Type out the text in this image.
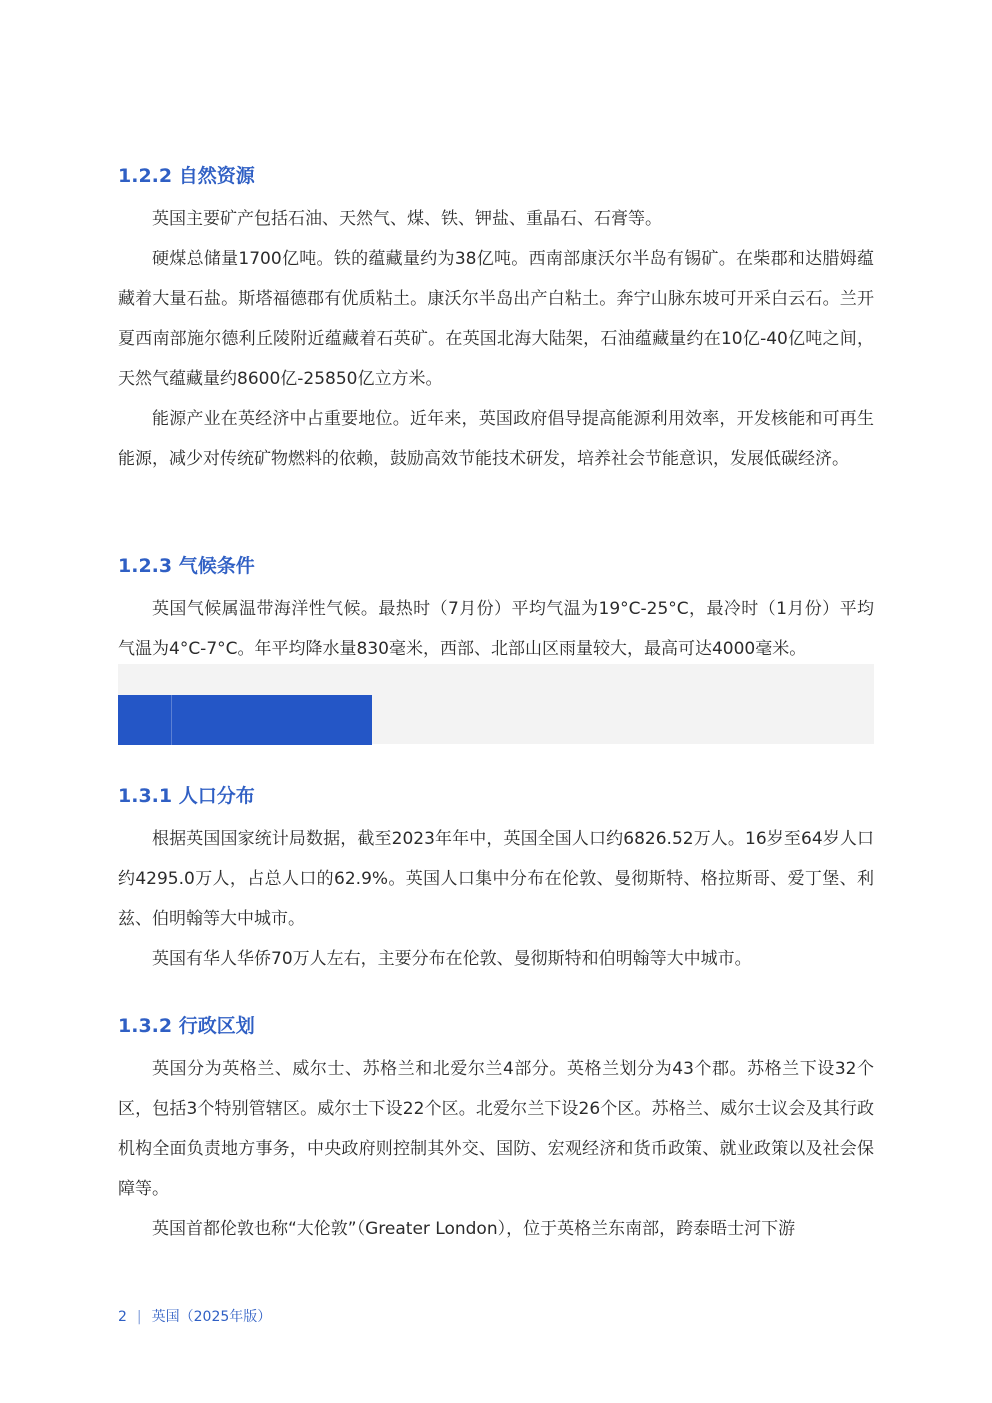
1.2.2 自然资源

英国主要矿产包括石油、天然气、煤、铁、钾盐、重晶石、石膏等。

硬煤总储量1700亿吨。铁的蕴藏量约为38亿吨。西南部康沃尔半岛有锡矿。在柴郡和达腊姆蕴藏着大量石盐。斯塔福德郡有优质粘土。康沃尔半岛出产白粘土。奔宁山脉东坡可开采白云石。兰开夏西南部施尔德利丘陵附近蕴藏着石英矿。在英国北海大陆架，石油蕴藏量约在10亿-40亿吨之间，天然气蕴藏量约8600亿-25850亿立方米。

能源产业在英经济中占重要地位。近年来，英国政府倡导提高能源利用效率，开发核能和可再生能源，减少对传统矿物燃料的依赖，鼓励高效节能技术研发，培养社会节能意识，发展低碳经济。

1.2.3 气候条件

英国气候属温带海洋性气候。最热时（7月份）平均气温为19°C-25°C，最冷时（1月份）平均气温为4°C-7°C。年平均降水量830毫米，西部、北部山区雨量较大，最高可达4000毫米。

1.3.1 人口分布

根据英国国家统计局数据，截至2023年年中，英国全国人口约6826.52万人。16岁至64岁人口约4295.0万人，占总人口的62.9%。英国人口集中分布在伦敦、曼彻斯特、格拉斯哥、爱丁堡、利兹、伯明翰等大中城市。

英国有华人华侨70万人左右，主要分布在伦敦、曼彻斯特和伯明翰等大中城市。

1.3.2 行政区划

英国分为英格兰、威尔士、苏格兰和北爱尔兰4部分。英格兰划分为43个郡。苏格兰下设32个区，包括3个特别管辖区。威尔士下设22个区。北爱尔兰下设26个区。苏格兰、威尔士议会及其行政机构全面负责地方事务，中央政府则控制其外交、国防、宏观经济和货币政策、就业政策以及社会保障等。

英国首都伦敦也称“大伦敦”（Greater London），位于英格兰东南部，跨泰晤士河下游

2 | 英国（2025年版）
